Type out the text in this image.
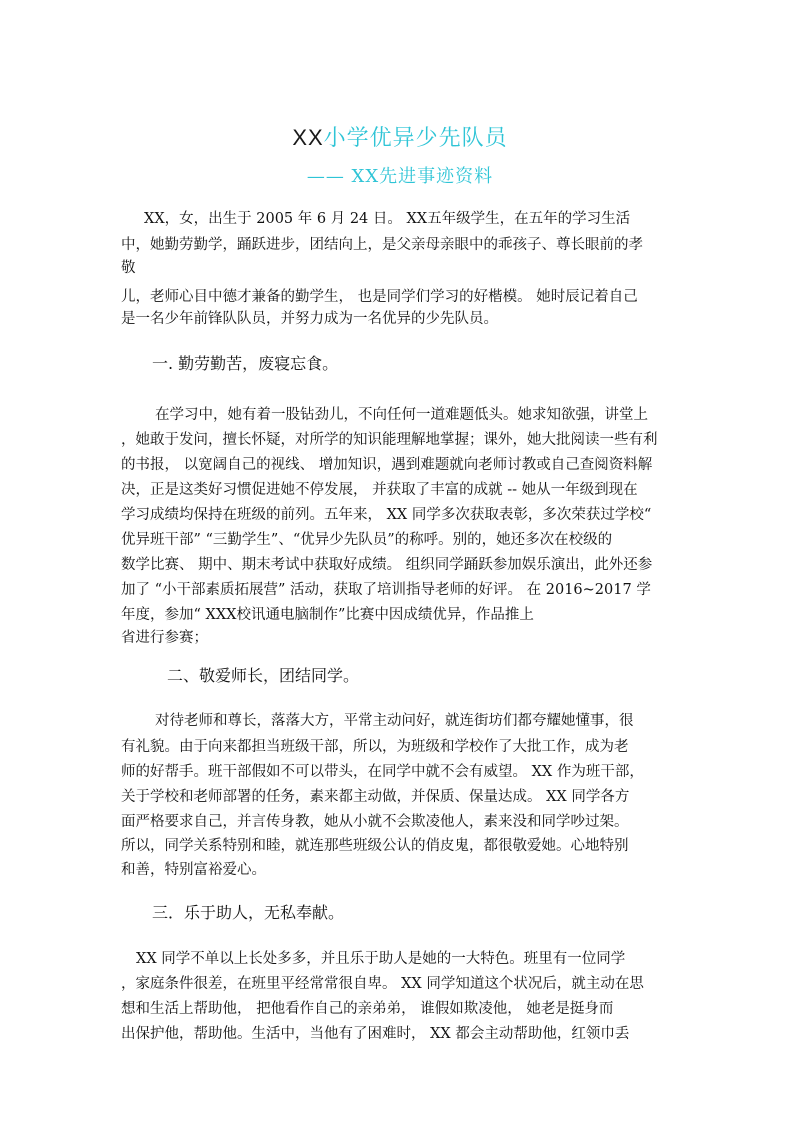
XX小学优异少先队员
—— XX先进事迹资料
XX，女，出生于 2005 年 6 月 24 日。 XX五年级学生，在五年的学习生活
中，她勤劳勤学，踊跃进步，团结向上，是父亲母亲眼中的乖孩子、尊长眼前的孝
敬
儿，老师心目中德才兼备的勤学生， 也是同学们学习的好楷模。 她时辰记着自己
是一名少年前锋队队员，并努力成为一名优异的少先队员。
一. 勤劳勤苦，废寝忘食。
在学习中，她有着一股钻劲儿，不向任何一道难题低头。她求知欲强，讲堂上
，她敢于发问，擅长怀疑，对所学的知识能理解地掌握；课外，她大批阅读一些有利
的书报， 以宽阔自己的视线、 增加知识，遇到难题就向老师讨教或自己查阅资料解
决，正是这类好习惯促进她不停发展， 并获取了丰富的成就 -- 她从一年级到现在
学习成绩均保持在班级的前列。五年来， XX 同学多次获取表彰，多次荣获过学校“
优异班干部” “三勤学生”、“优异少先队员”的称呼。别的，她还多次在校级的
数学比赛、 期中、期末考试中获取好成绩。 组织同学踊跃参加娱乐演出，此外还参
加了 “小干部素质拓展营” 活动，获取了培训指导老师的好评。 在 2016~2017 学
年度，参加“ XXX校讯通电脑制作”比赛中因成绩优异，作品推上
省进行参赛；
二、敬爱师长，团结同学。
对待老师和尊长，落落大方，平常主动问好，就连街坊们都夸耀她懂事，很
有礼貌。由于向来都担当班级干部，所以，为班级和学校作了大批工作，成为老
师的好帮手。班干部假如不可以带头，在同学中就不会有威望。 XX 作为班干部，
关于学校和老师部署的任务，素来都主动做，并保质、保量达成。 XX 同学各方
面严格要求自己，并言传身教，她从小就不会欺凌他人，素来没和同学吵过架。
所以，同学关系特别和睦，就连那些班级公认的俏皮鬼，都很敬爱她。心地特别
和善，特别富裕爱心。
三．乐于助人，无私奉献。
XX 同学不单以上长处多多，并且乐于助人是她的一大特色。班里有一位同学
，家庭条件很差，在班里平经常常很自卑。 XX 同学知道这个状况后，就主动在思
想和生活上帮助他， 把他看作自己的亲弟弟， 谁假如欺凌他， 她老是挺身而
出保护他，帮助他。生活中，当他有了困难时， XX 都会主动帮助他，红领巾丢
